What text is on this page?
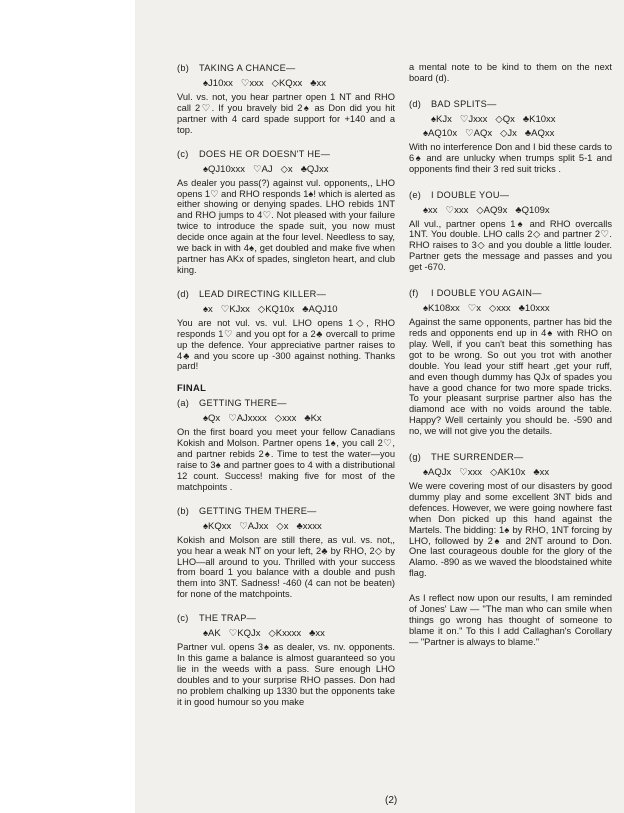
(b) TAKING A CHANCE—
♠J10xx ♡xxx ◇KQxx ♣xx

Vul. vs. not, you hear partner open 1 NT and RHO call 2♡. If you bravely bid 2♠ as Don did you hit partner with 4 card spade support for +140 and a top.

(c) DOES HE OR DOESN'T HE—
♠QJ10xxx ♡AJ ◇x ♣QJxx

As dealer you pass(?) against vul. opponents,, LHO opens 1♡ and RHO responds 1♠! which is alerted as either showing or denying spades. LHO rebids 1NT and RHO jumps to 4♡. Not pleased with your failure twice to introduce the spade suit, you now must decide once again at the four level. Needless to say, we back in with 4♠, get doubled and make five when partner has AKx of spades, singleton heart, and club king.

(d) LEAD DIRECTING KILLER—
♠x ♡KJxx ◇KQ10x ♣AQJ10

You are not vul. vs. vul. LHO opens 1◇, RHO responds 1♡ and you opt for a 2♣ overcall to prime up the defence. Your appreciative partner raises to 4♣ and you score up -300 against nothing. Thanks pard!

FINAL
(a) GETTING THERE—
♠Qx ♡AJxxxx ◇xxx ♣Kx

On the first board you meet your fellow Canadians Kokish and Molson. Partner opens 1♠, you call 2♡, and partner rebids 2♠. Time to test the water—you raise to 3♠ and partner goes to 4 with a distributional 12 count. Success! making five for most of the matchpoints .

(b) GETTING THEM THERE—
♠KQxx ♡AJxx ◇x ♣xxxx

Kokish and Molson are still there, as vul. vs. not,, you hear a weak NT on your left, 2♣ by RHO, 2◇ by LHO—all around to you. Thrilled with your success from board 1 you balance with a double and push them into 3NT. Sadness! -460 (4 can not be beaten) for none of the matchpoints.

(c) THE TRAP—
♠AK ♡KQJx ◇Kxxxx ♣xx

Partner vul. opens 3♠ as dealer, vs. nv. opponents. In this game a balance is almost guaranteed so you lie in the weeds with a pass. Sure enough LHO doubles and to your surprise RHO passes. Don had no problem chalking up 1330 but the opponents take it in good humour so you make

a mental note to be kind to them on the next board (d).

(d) BAD SPLITS—
♠KJx ♡Jxxx ◇Qx ♣K10xx
♠AQ10x ♡AQx ◇Jx ♣AQxx

With no interference Don and I bid these cards to 6♠ and are unlucky when trumps split 5-1 and opponents find their 3 red suit tricks .

(e) I DOUBLE YOU—
♠xx ♡xxx ◇AQ9x ♣Q109x

All vul., partner opens 1♠ and RHO overcalls 1NT. You double. LHO calls 2◇ and partner 2♡. RHO raises to 3◇ and you double a little louder. Partner gets the message and passes and you get -670.

(f) I DOUBLE YOU AGAIN—
♠K108xx ♡x ◇xxx ♣10xxx

Against the same opponents, partner has bid the reds and opponents end up in 4♠ with RHO on play. Well, if you can't beat this something has got to be wrong. So out you trot with another double. You lead your stiff heart ,get your ruff, and even though dummy has QJx of spades you have a good chance for two more spade tricks. To your pleasant surprise partner also has the diamond ace with no voids around the table. Happy? Well certainly you should be. -590 and no, we will not give you the details.

(g) THE SURRENDER—
♠AQJx ♡xxx ◇AK10x ♣xx

We were covering most of our disasters by good dummy play and some excellent 3NT bids and defences. However, we were going nowhere fast when Don picked up this hand against the Martels. The bidding: 1♠ by RHO, 1NT forcing by LHO, followed by 2♠ and 2NT around to Don. One last courageous double for the glory of the Alamo. -890 as we waved the bloodstained white flag.

As I reflect now upon our results, I am reminded of Jones' Law — "The man who can smile when things go wrong has thought of someone to blame it on." To this I add Callaghan's Corollary — "Partner is always to blame."

(2)
